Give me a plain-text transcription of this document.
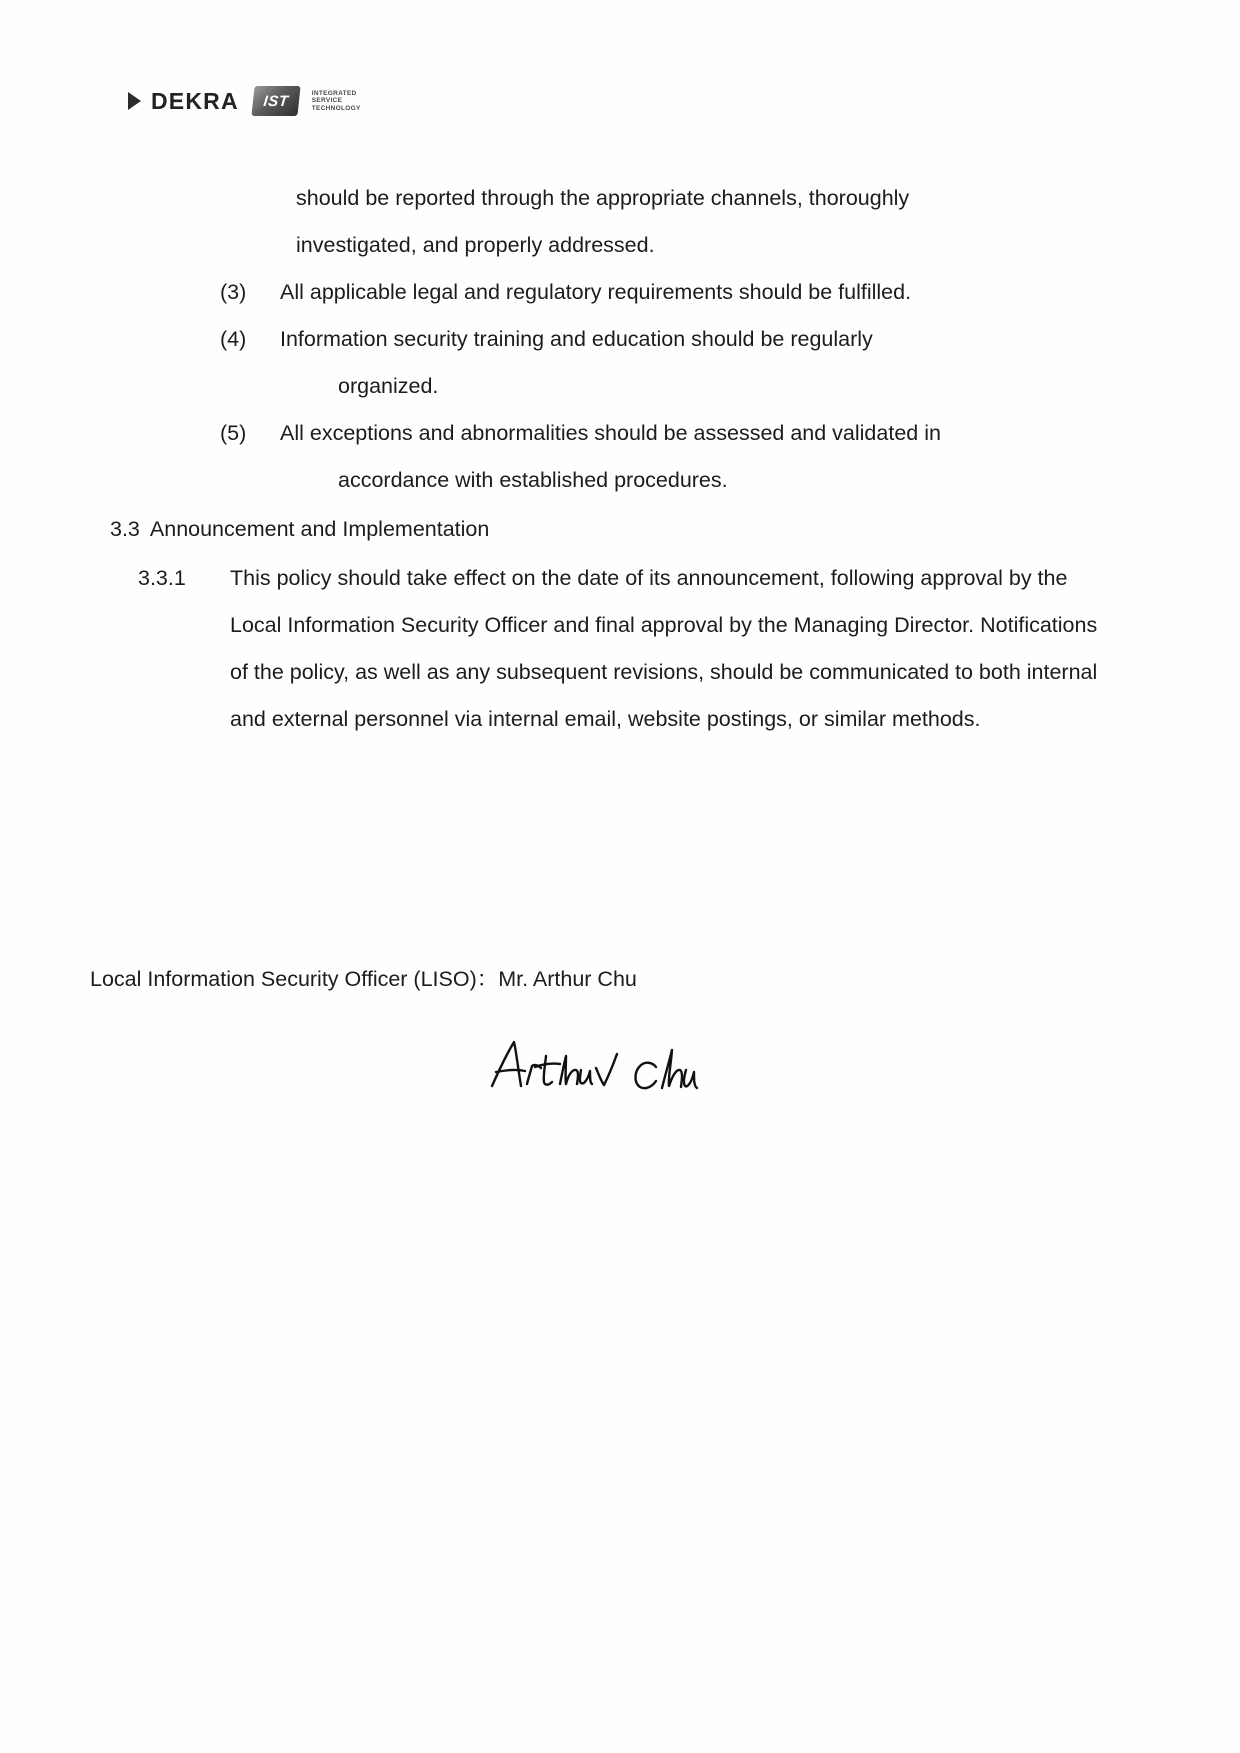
DEKRA IST	INTEGRATED
SERVICE
TECHNOLOGY
should be reported through the appropriate channels, thoroughly
investigated, and properly addressed.
(3)	All applicable legal and regulatory requirements should be fulfilled.
(4)	Information security training and education should be regularly
organized.
(5)	All exceptions and abnormalities should be assessed and validated in
accordance with established procedures.
3.3 Announcement and Implementation
3.3.1	This policy should take effect on the date of its announcement, following approval by the Local Information Security Officer and final approval by the Managing Director. Notifications of the policy, as well as any subsequent revisions, should be communicated to both internal and external personnel via internal email, website postings, or similar methods.
Local Information Security Officer (LISO)：Mr. Arthur Chu
